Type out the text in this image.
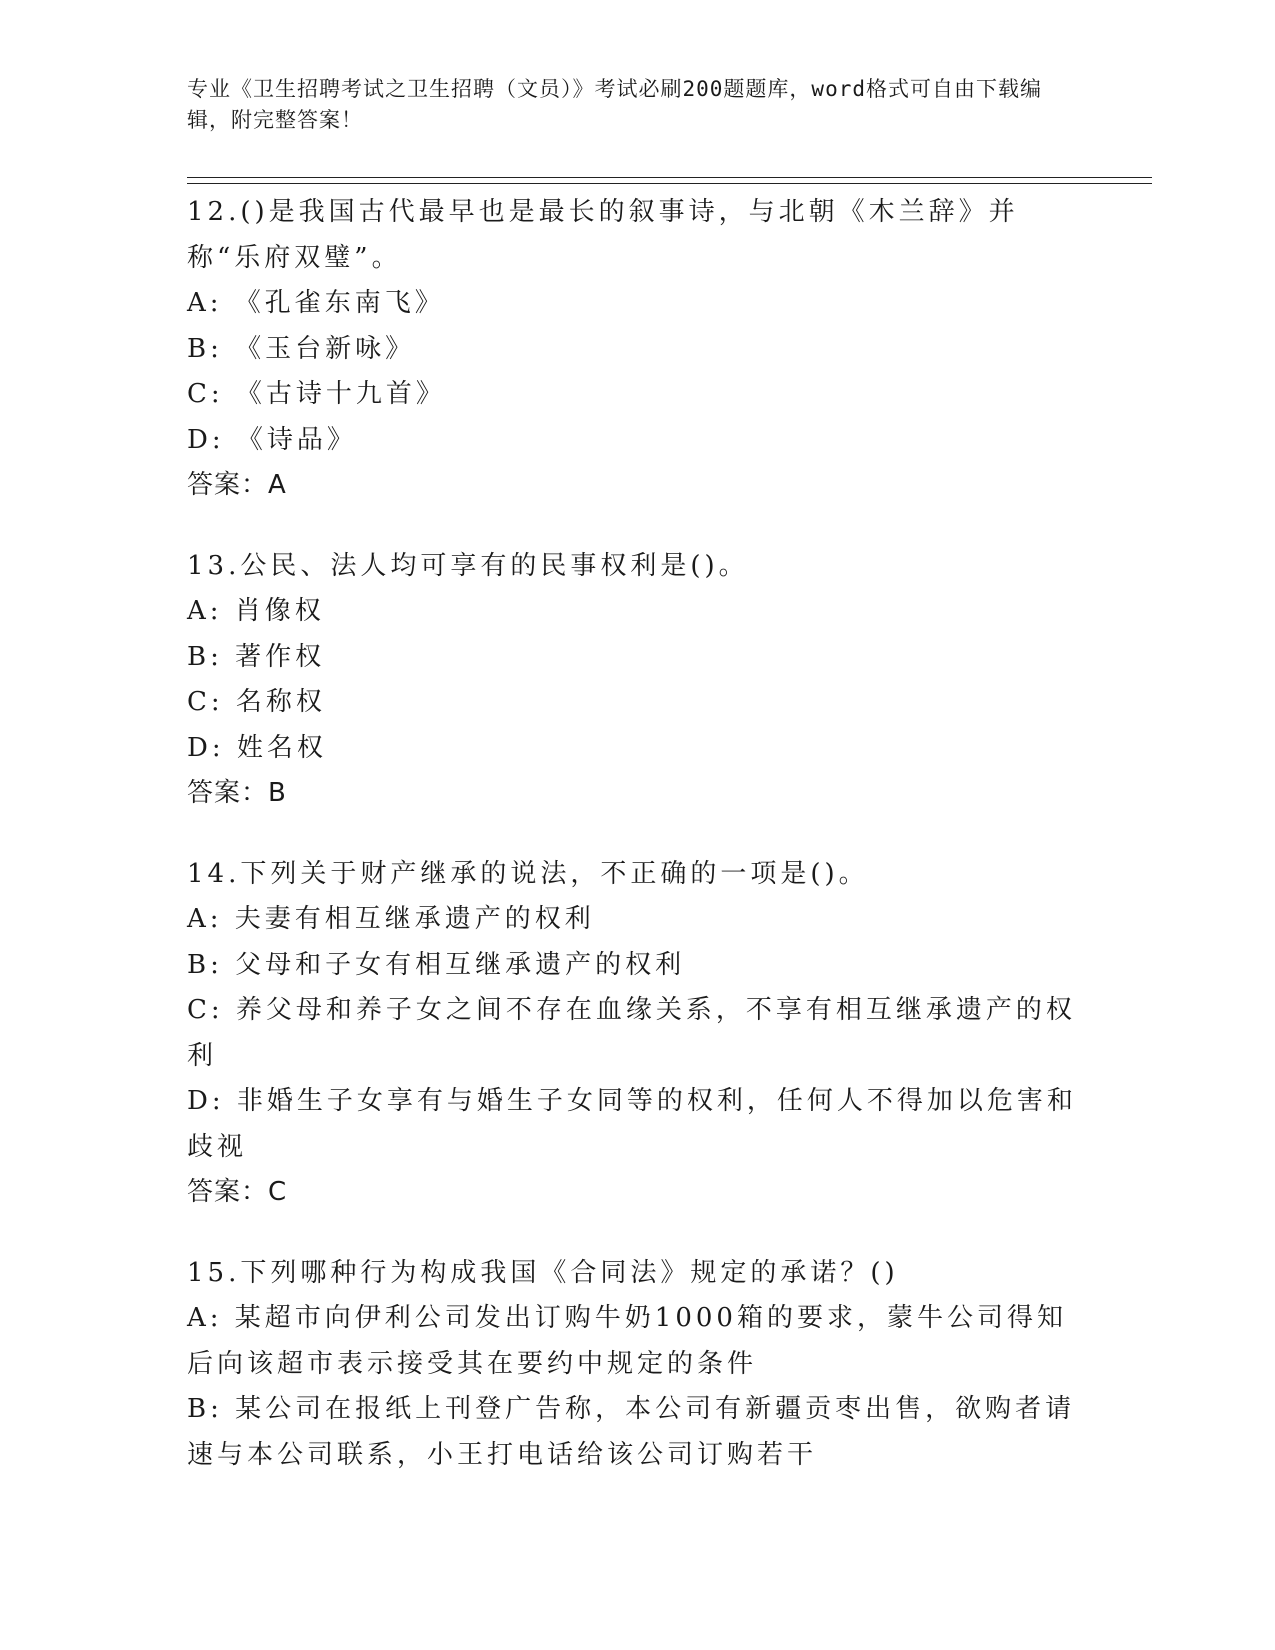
专业《卫生招聘考试之卫生招聘（文员）》考试必刷200题题库，word格式可自由下载编辑，附完整答案！

12.()是我国古代最早也是最长的叙事诗，与北朝《木兰辞》并称“乐府双璧”。

A: 《孔雀东南飞》

B: 《玉台新咏》

C: 《古诗十九首》

D: 《诗品》

答案：A

13.公民、法人均可享有的民事权利是()。

A: 肖像权

B: 著作权

C: 名称权

D: 姓名权

答案：B

14.下列关于财产继承的说法，不正确的一项是()。

A: 夫妻有相互继承遗产的权利

B: 父母和子女有相互继承遗产的权利

C: 养父母和养子女之间不存在血缘关系，不享有相互继承遗产的权利

D: 非婚生子女享有与婚生子女同等的权利，任何人不得加以危害和歧视

答案：C

15.下列哪种行为构成我国《合同法》规定的承诺？()

A: 某超市向伊利公司发出订购牛奶1000箱的要求，蒙牛公司得知后向该超市表示接受其在要约中规定的条件

B: 某公司在报纸上刊登广告称，本公司有新疆贡枣出售，欲购者请速与本公司联系，小王打电话给该公司订购若干
